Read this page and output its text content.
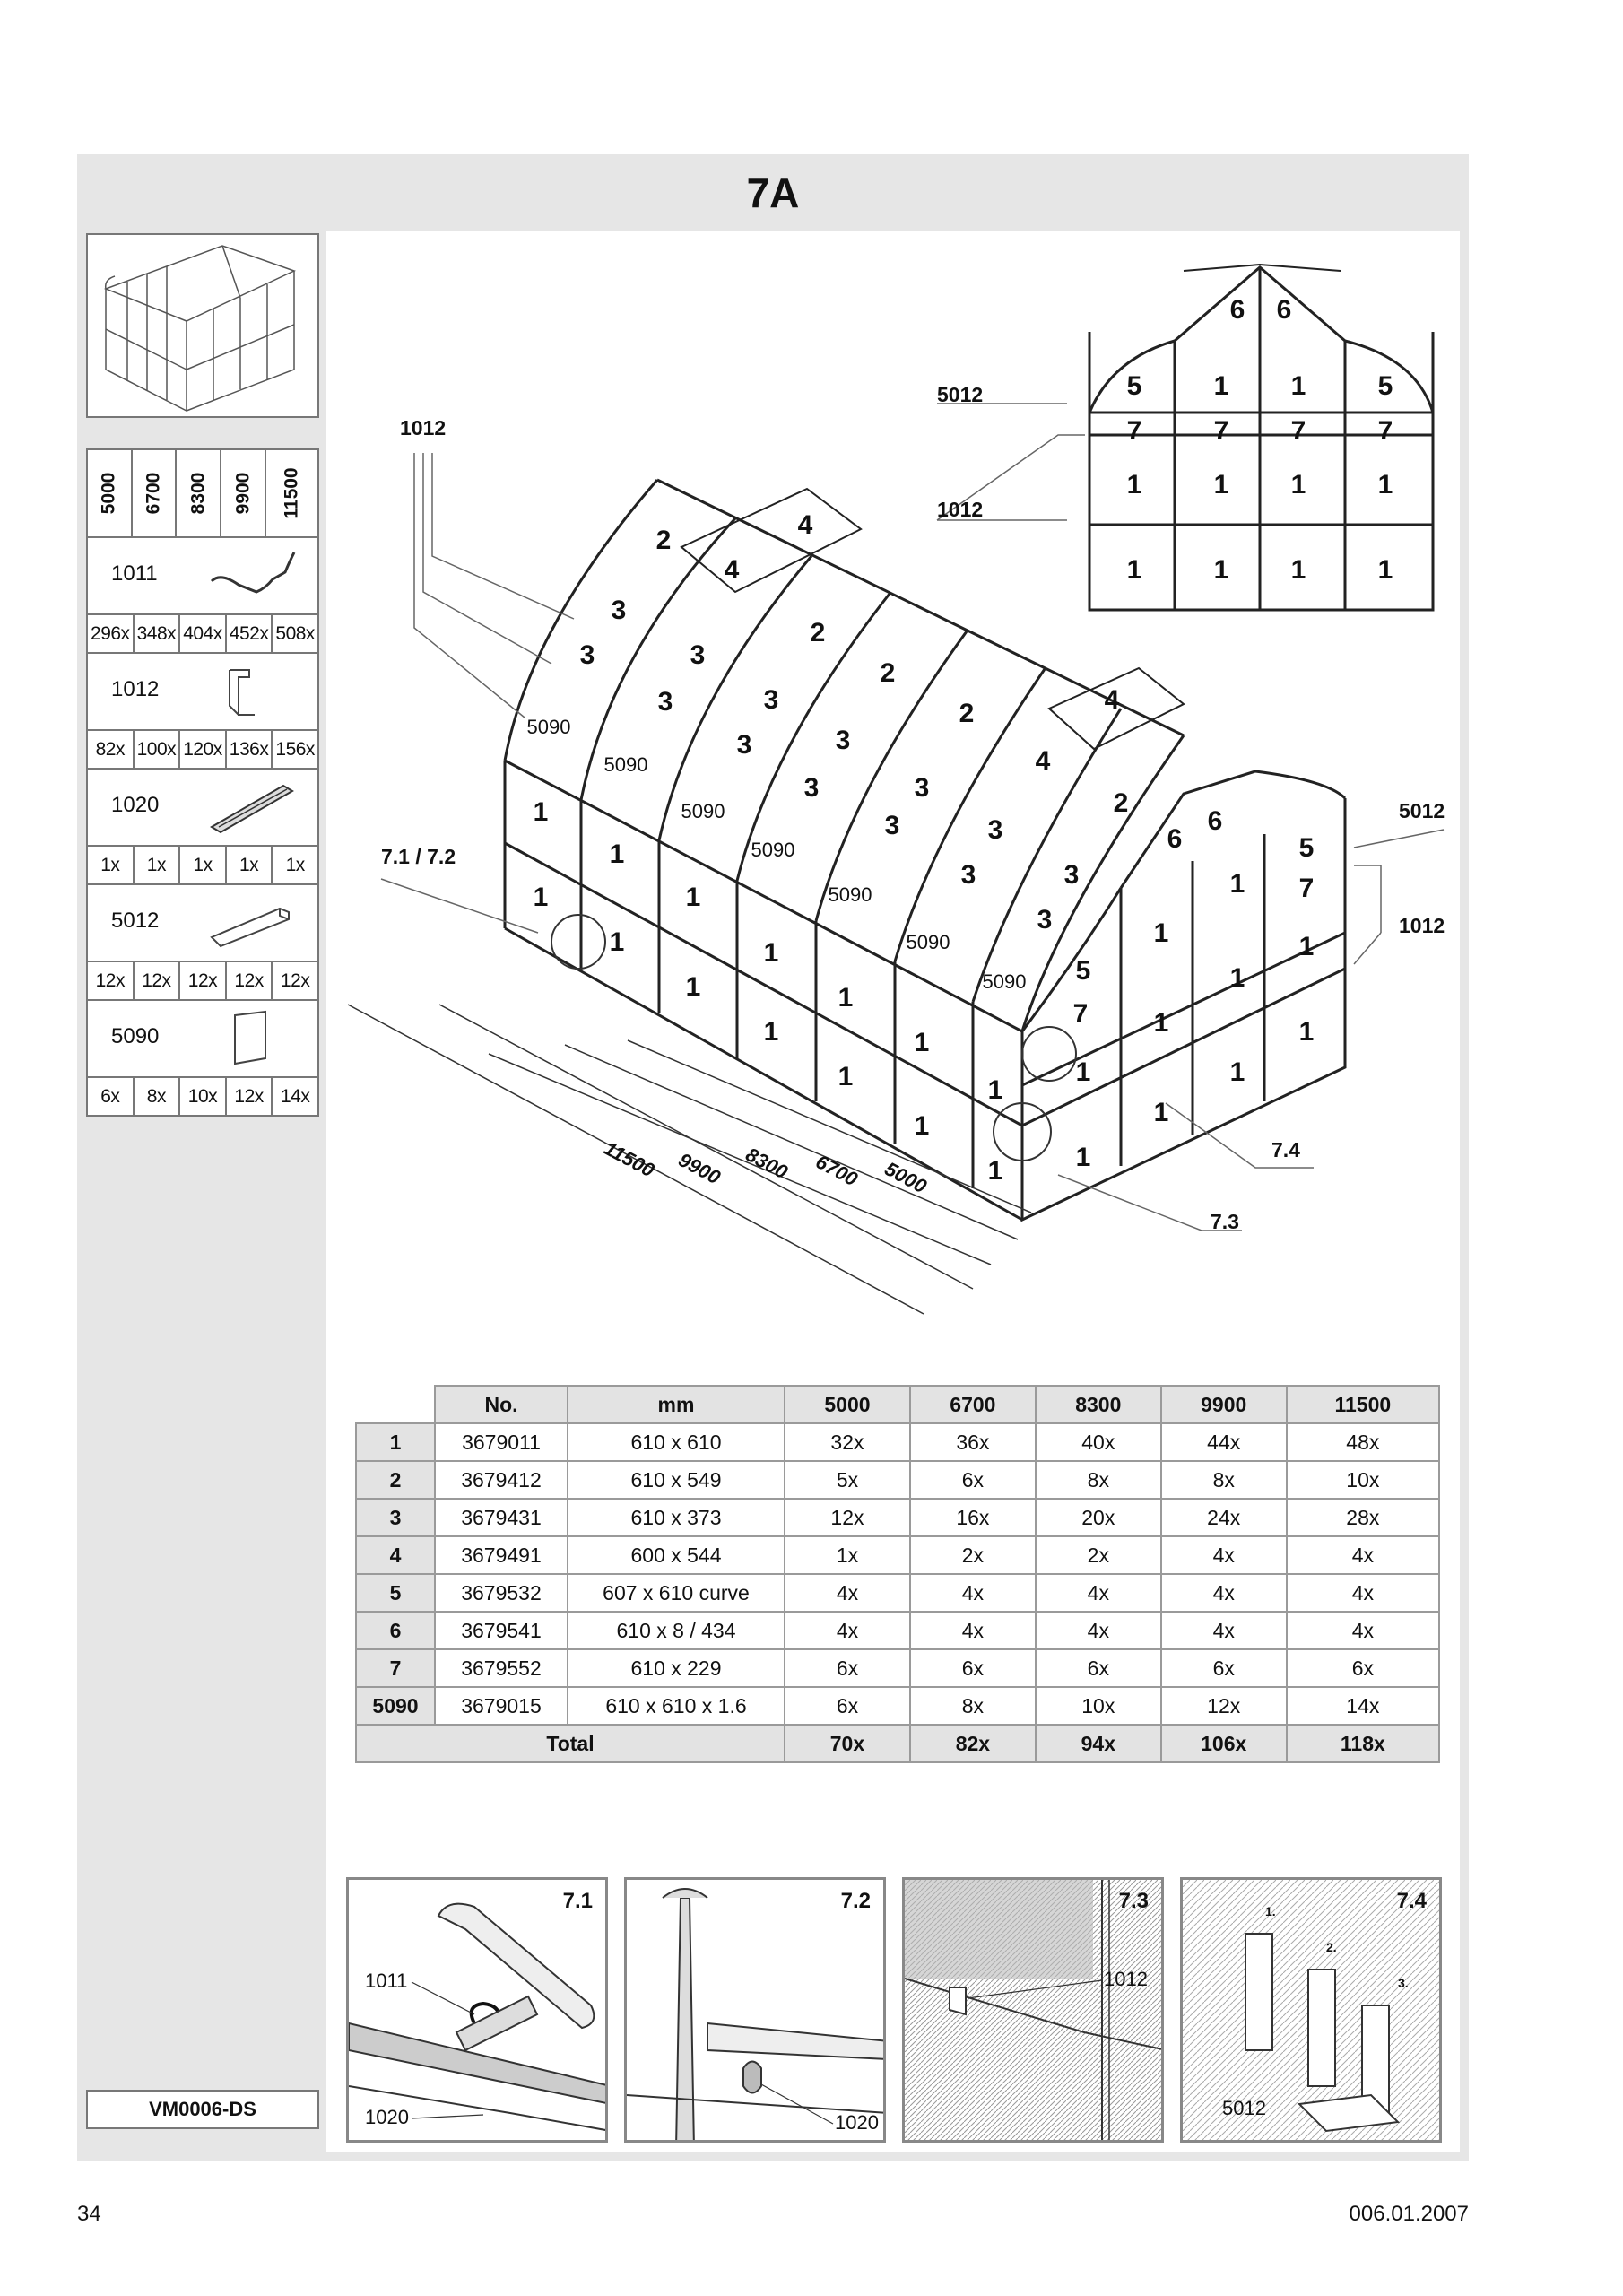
7A
5000 6700 8300 9900 11500
1011
296x 348x 404x 452x 508x
1012
82x 100x 120x 136x 156x
1020
1x	1x	1x	1x	1x
5012
12x 12x 12x 12x 12x
5090
6x	8x	10x 12x 14x
VM0006-DS
2
4
4
3
3	3
3
2
2
3
3	3
2	4
3	3
4
3	3
2
3	3
3
1
1
1
1
1	1
1	1
1	1
1	1
1
1
5
7
1
1
1
1
1
1
1
1
5
7
1
1
6
6
6 6
5	1 1	5
7	7 7	7
1	1 1	1
1	1 1	1
5090
5090
5090
5090
5090
5090
5090
1012
5012
1012
7.1 / 7.2
5012
1012
7.4
7.3
11500 9900 8300 6700 5000
	No.	mm	5000	6700	8300	9900	11500
1	3679011	610 x 610	32x	36x	40x	44x	48x
2	3679412	610 x 549	5x	6x	8x	8x	10x
3	3679431	610 x 373	12x	16x	20x	24x	28x
4	3679491	600 x 544	1x	2x	2x	4x	4x
5	3679532	607 x 610 curve	4x	4x	4x	4x	4x
6	3679541	610 x 8 / 434	4x	4x	4x	4x	4x
7	3679552	610 x 229	6x	6x	6x	6x	6x
5090	3679015	610 x 610 x 1.6	6x	8x	10x	12x	14x
Total			70x	82x	94x	106x	118x
7.1
1011
1020
7.2
1020
7.3
1012
7.4
1.
2.
3.
5012
34	006.01.2007
